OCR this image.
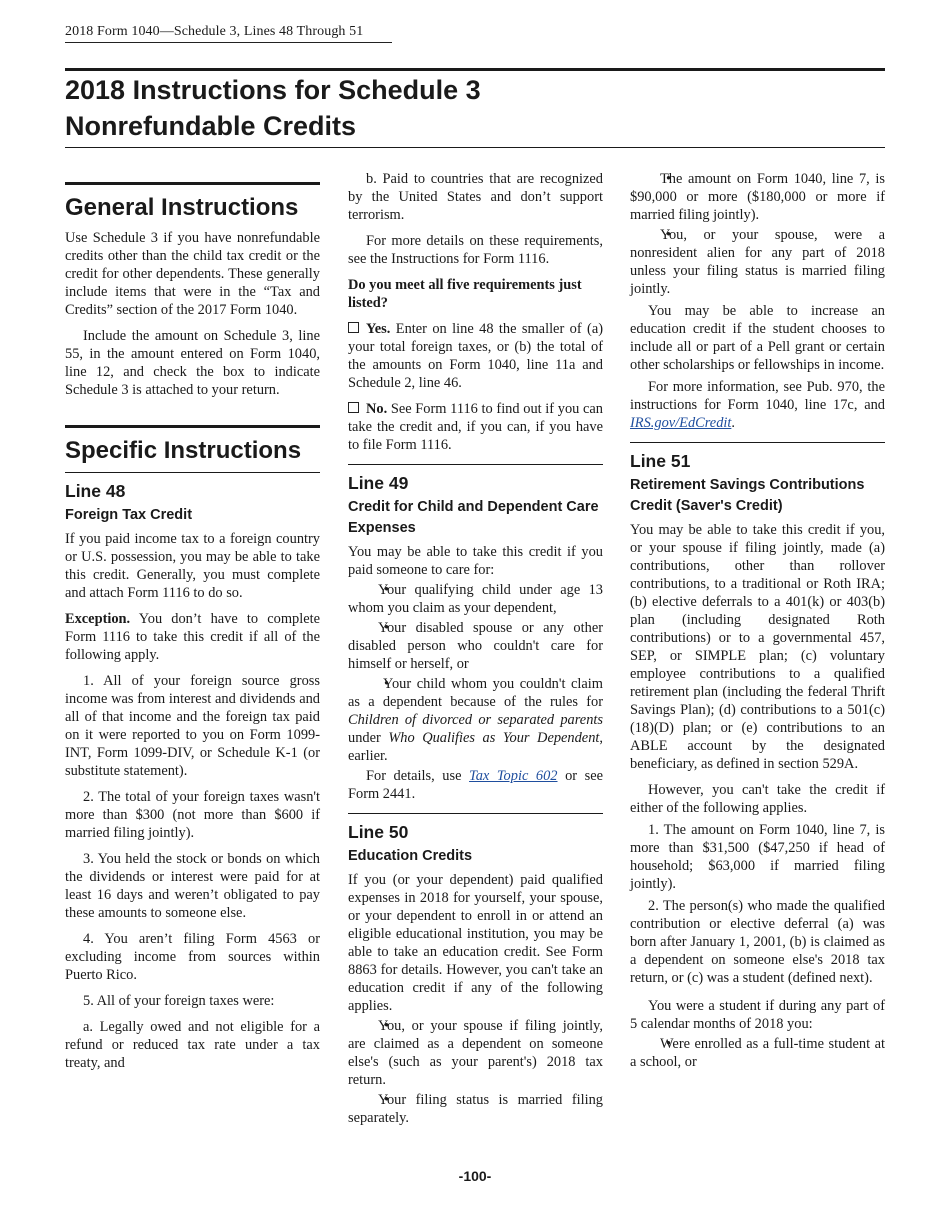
2018 Form 1040—Schedule 3, Lines 48 Through 51
2018 Instructions for Schedule 3
Nonrefundable Credits
General Instructions

Use Schedule 3 if you have nonrefundable credits other than the child tax credit or the credit for other dependents. These generally include items that were in the “Tax and Credits” section of the 2017 Form 1040.

Include the amount on Schedule 3, line 55, in the amount entered on Form 1040, line 12, and check the box to indicate Schedule 3 is attached to your return.

Specific Instructions
Line 48
Foreign Tax Credit

If you paid income tax to a foreign country or U.S. possession, you may be able to take this credit. Generally, you must complete and attach Form 1116 to do so.

Exception. You don’t have to complete Form 1116 to take this credit if all of the following apply.

1. All of your foreign source gross income was from interest and dividends and all of that income and the foreign tax paid on it were reported to you on Form 1099-INT, Form 1099-DIV, or Schedule K-1 (or substitute statement).

2. The total of your foreign taxes wasn't more than $300 (not more than $600 if married filing jointly).

3. You held the stock or bonds on which the dividends or interest were paid for at least 16 days and weren’t obligated to pay these amounts to someone else.

4. You aren’t filing Form 4563 or excluding income from sources within Puerto Rico.

5. All of your foreign taxes were:

a. Legally owed and not eligible for a refund or reduced tax rate under a tax treaty, and

b. Paid to countries that are recognized by the United States and don’t support terrorism.

For more details on these requirements, see the Instructions for Form 1116.

Do you meet all five requirements just listed?

Yes. Enter on line 48 the smaller of (a) your total foreign taxes, or (b) the total of the amounts on Form 1040, line 11a and Schedule 2, line 46.

No. See Form 1116 to find out if you can take the credit and, if you can, if you have to file Form 1116.

Line 49
Credit for Child and Dependent Care Expenses

You may be able to take this credit if you paid someone to care for:

• Your qualifying child under age 13 whom you claim as your dependent,

• Your disabled spouse or any other disabled person who couldn't care for himself or herself, or

• Your child whom you couldn't claim as a dependent because of the rules for Children of divorced or separated parents under Who Qualifies as Your Dependent, earlier.

For details, use Tax Topic 602 or see Form 2441.

Line 50
Education Credits

If you (or your dependent) paid qualified expenses in 2018 for yourself, your spouse, or your dependent to enroll in or attend an eligible educational institution, you may be able to take an education credit. See Form 8863 for details. However, you can't take an education credit if any of the following applies.

• You, or your spouse if filing jointly, are claimed as a dependent on someone else's (such as your parent's) 2018 tax return.

• Your filing status is married filing separately.

• The amount on Form 1040, line 7, is $90,000 or more ($180,000 or more if married filing jointly).

• You, or your spouse, were a nonresident alien for any part of 2018 unless your filing status is married filing jointly.

You may be able to increase an education credit if the student chooses to include all or part of a Pell grant or certain other scholarships or fellowships in income.

For more information, see Pub. 970, the instructions for Form 1040, line 17c, and IRS.gov/EdCredit.

Line 51
Retirement Savings Contributions Credit (Saver's Credit)

You may be able to take this credit if you, or your spouse if filing jointly, made (a) contributions, other than rollover contributions, to a traditional or Roth IRA; (b) elective deferrals to a 401(k) or 403(b) plan (including designated Roth contributions) or to a governmental 457, SEP, or SIMPLE plan; (c) voluntary employee contributions to a qualified retirement plan (including the federal Thrift Savings Plan); (d) contributions to a 501(c)(18)(D) plan; or (e) contributions to an ABLE account by the designated beneficiary, as defined in section 529A.

However, you can't take the credit if either of the following applies.

1. The amount on Form 1040, line 7, is more than $31,500 ($47,250 if head of household; $63,000 if married filing jointly).

2. The person(s) who made the qualified contribution or elective deferral (a) was born after January 1, 2001, (b) is claimed as a dependent on someone else's 2018 tax return, or (c) was a student (defined next).

You were a student if during any part of 5 calendar months of 2018 you:

• Were enrolled as a full-time student at a school, or

-100-
